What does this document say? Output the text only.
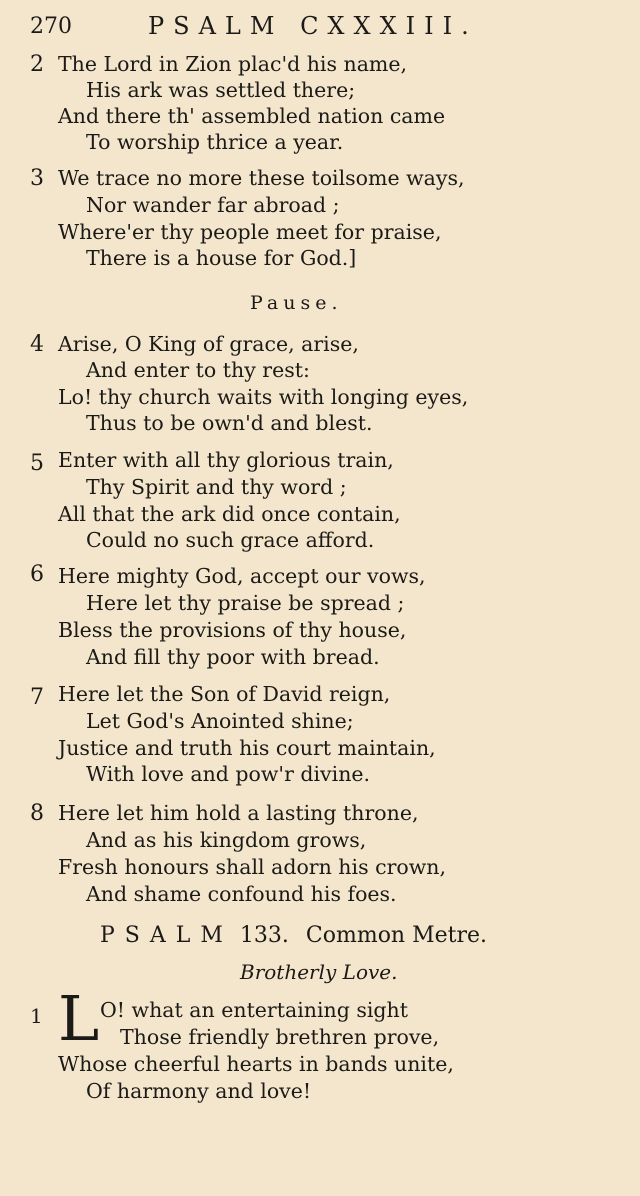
270	PSALM CXXXIII.
2 The Lord in Zion plac'd his name,
His ark was settled there;
And there th' assembled nation came
To worship thrice a year.
3 We trace no more these toilsome ways,
Nor wander far abroad ;
Where'er thy people meet for praise,
There is a house for God.]
Pause.
4 Arise, O King of grace, arise,
And enter to thy rest:
Lo! thy church waits with longing eyes,
Thus to be own'd and blest.
5 Enter with all thy glorious train,
Thy Spirit and thy word ;
All that the ark did once contain,
Could no such grace afford.
6 Here mighty God, accept our vows,
Here let thy praise be spread ;
Bless the provisions of thy house,
And fill thy poor with bread.
7 Here let the Son of David reign,
Let God's Anointed shine;
Justice and truth his court maintain,
With love and pow'r divine.
8 Here let him hold a lasting throne,
And as his kingdom grows,
Fresh honours shall adorn his crown,
And shame confound his foes.
PSALM 133. Common Metre.
Brotherly Love.
1 L O! what an entertaining sight
Those friendly brethren prove,
Whose cheerful hearts in bands unite,
Of harmony and love!
